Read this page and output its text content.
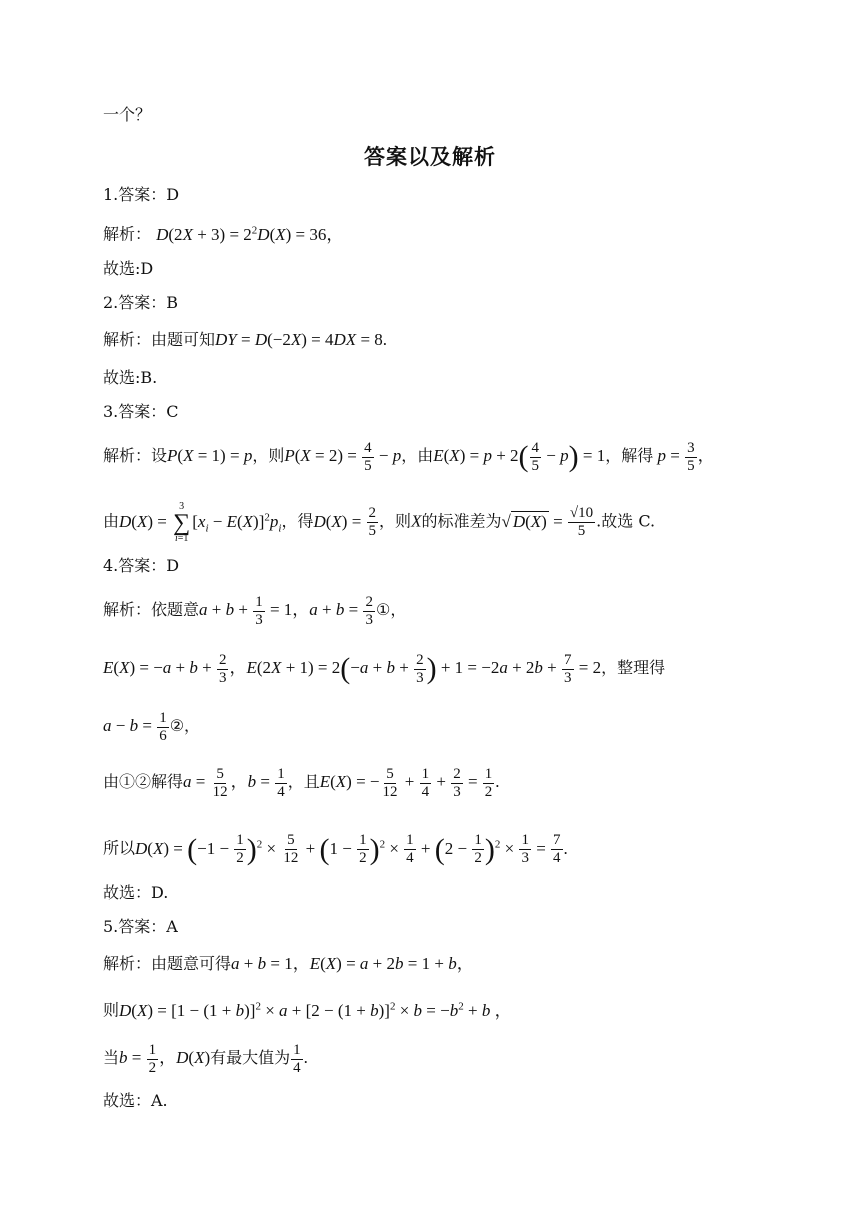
一个？
答案以及解析
1.答案：D
解析： $D(2X + 3) = 2^2D(X) = 36$，
故选:D
2.答案：B
解析：由题可知DY = D(−2X) = 4DX = 8.
故选:B.
3.答案：C
解析：设P(X = 1) = p，则$P(X = 2) = \frac{4}{5} - p$，由$E(X) = p + 2( \frac{4}{5} - p) = 1$，解得 $p = \frac{3}{5}$ ，
由D(X) =
3
∑
i=1
$[x_i - E(X)]^2p_i$，得$D(X) = \frac{2}{5}$ ，则X的标准差为√ $D(X) = \frac{√10}{5}$ .故选 C.
4.答案：D
解析：依题意$a + b + \frac{1}{3} = 1$，$a + b = \frac{2}{3}$ ①，
$E(X) = -a + b + \frac{2}{3}$ ，$E(2X + 1) = 2(-a + b + \frac{2}{3}$ ) + $1 = -2a + 2b + \frac{7}{3} = 2$，整理得
$a - b = \frac{1}{6}$ ②，
由①②解得$a = \frac{5}{12}$ ，$b = \frac{1}{4}$ ，且E(X) = − $\frac{5}{12} + \frac{1}{4} + \frac{2}{3} = \frac{1}{2}$ .
所以$D(X) = (-1 - \frac{1}{2} )^2 \times \frac{5}{12} + (1 - \frac{1}{2} )^2 \times \frac{1}{4} + (2 - \frac{1}{2} )^2 \times \frac{1}{3} = \frac{7}{4}$ .
故选：D.
5.答案：A
解析：由题意可得a + b = 1，E(X) = a + 2b = 1 + b，
则$D(X) = [1 - (1 + b)]^2 \times a + [2 - (1 + b)]^2 \times b = -b^2 + b$ ，
当$b = \frac{1}{2}$ ，D(X)有最大值为 $\frac{1}{4}$ .
故选：A.
